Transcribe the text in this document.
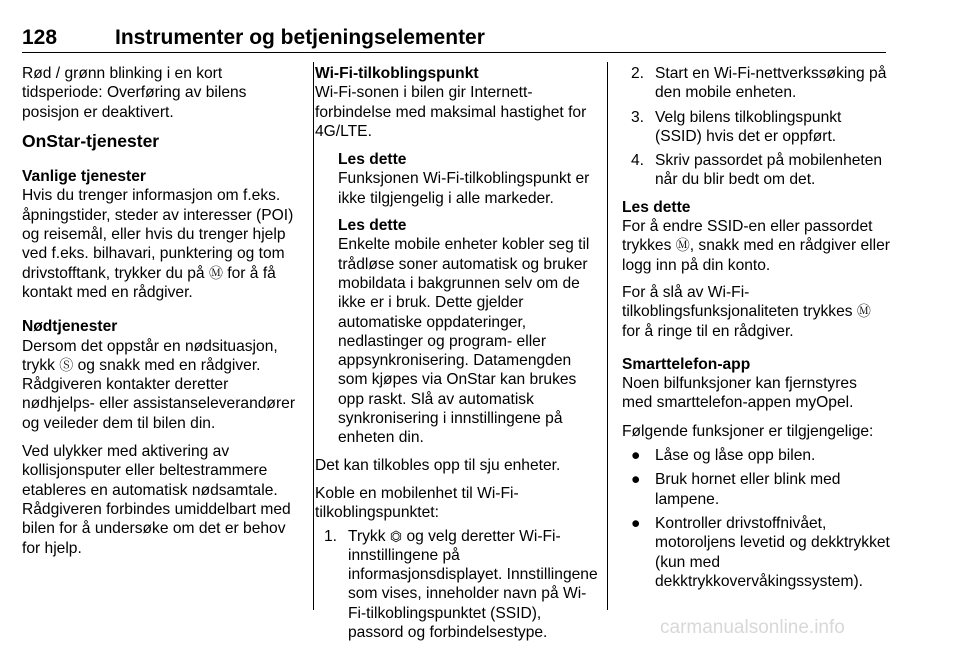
128	Instrumenter og betjeningselementer

Rød / grønn blinking i en kort tidsperiode: Overføring av bilens posisjon er deaktivert.

OnStar-tjenester

Vanlige tjenester

Hvis du trenger informasjon om f.eks. åpningstider, steder av interesser (POI) og reisemål, eller hvis du trenger hjelp ved f.eks. bilhavari, punktering og tom drivstofftank, trykker du på Ⓜ for å få kontakt med en rådgiver.

Nødtjenester

Dersom det oppstår en nødsituasjon, trykk Ⓢ og snakk med en rådgiver. Rådgiveren kontakter deretter nødhjelps- eller assistanseleverandører og veileder dem til bilen din.

Ved ulykker med aktivering av kollisjonsputer eller beltestrammere etableres en automatisk nødsamtale. Rådgiveren forbindes umiddelbart med bilen for å undersøke om det er behov for hjelp.

Wi-Fi-tilkoblingspunkt

Wi-Fi-sonen i bilen gir Internett-forbindelse med maksimal hastighet for 4G/LTE.

Les dette
Funksjonen Wi-Fi-tilkoblingspunkt er ikke tilgjengelig i alle markeder.
Les dette
Enkelte mobile enheter kobler seg til trådløse soner automatisk og bruker mobildata i bakgrunnen selv om de ikke er i bruk. Dette gjelder automatiske oppdateringer, nedlastinger og program- eller appsynkronisering. Datamengden som kjøpes via OnStar kan brukes opp raskt. Slå av automatisk synkronisering i innstillingene på enheten din.

Det kan tilkobles opp til sju enheter.

Koble en mobilenhet til Wi-Fi-tilkoblingspunktet:

1. Trykk ⏣ og velg deretter Wi-Fi-innstillingene på informasjonsdisplayet. Innstillingene som vises, inneholder navn på Wi-Fi-tilkoblingspunktet (SSID), passord og forbindelsestype.
2. Start en Wi-Fi-nettverkssøking på den mobile enheten.
3. Velg bilens tilkoblingspunkt (SSID) hvis det er oppført.
4. Skriv passordet på mobilenheten når du blir bedt om det.
Les dette
For å endre SSID-en eller passordet trykkes Ⓜ, snakk med en rådgiver eller logg inn på din konto.

For å slå av Wi-Fi-tilkoblingsfunksjonaliteten trykkes Ⓜ for å ringe til en rådgiver.

Smarttelefon-app

Noen bilfunksjoner kan fjernstyres med smarttelefon-appen myOpel.

Følgende funksjoner er tilgjengelige:

● Låse og låse opp bilen.
● Bruk hornet eller blink med lampene.
● Kontroller drivstoffnivået, motoroljens levetid og dekktrykket (kun med dekktrykkovervåkingssystem).
carmanualsonline.info
